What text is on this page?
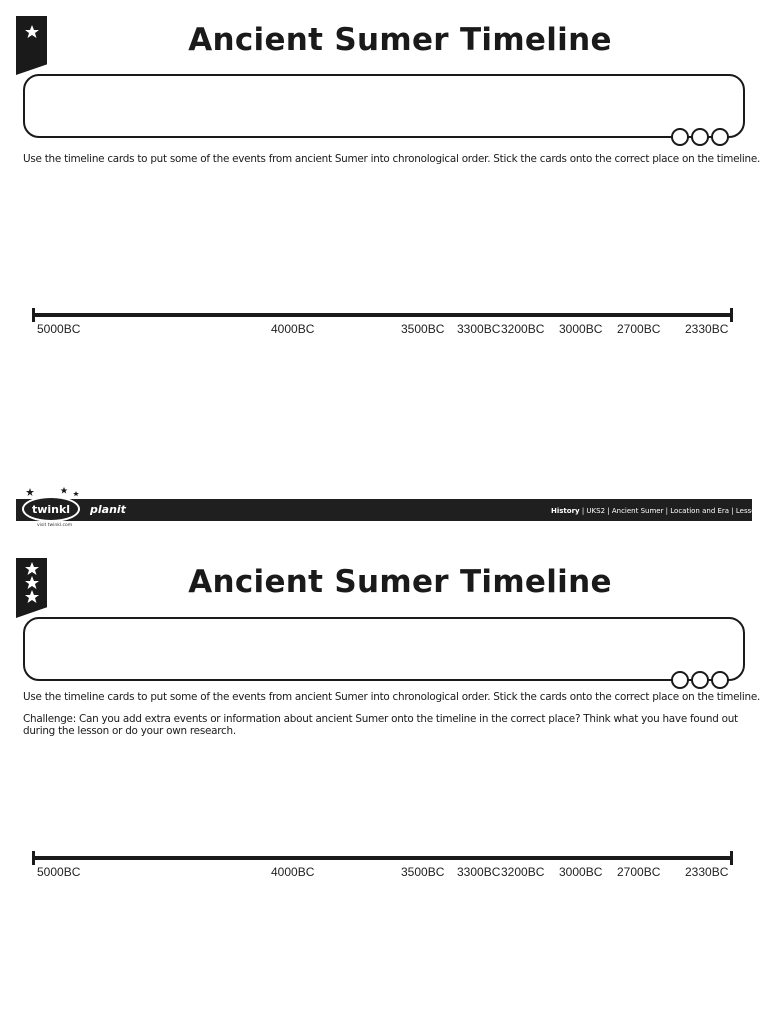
Ancient Sumer Timeline
Use the timeline cards to put some of the events from ancient Sumer into chronological order. Stick the cards onto the correct place on the timeline.
5000BC	4000BC	3500BC 3300BC 3200BC 3000BC 2700BC 2330BC
twinkl
visit twinkl.com
planit	History | UKS2 | Ancient Sumer | Location and Era | Lesson 1
Ancient Sumer Timeline
Use the timeline cards to put some of the events from ancient Sumer into chronological order. Stick the cards onto the correct place on the timeline.
Challenge: Can you add extra events or information about ancient Sumer onto the timeline in the correct place? Think what you have found out during the lesson or do your own research.
5000BC	4000BC	3500BC 3300BC 3200BC 3000BC 2700BC 2330BC
